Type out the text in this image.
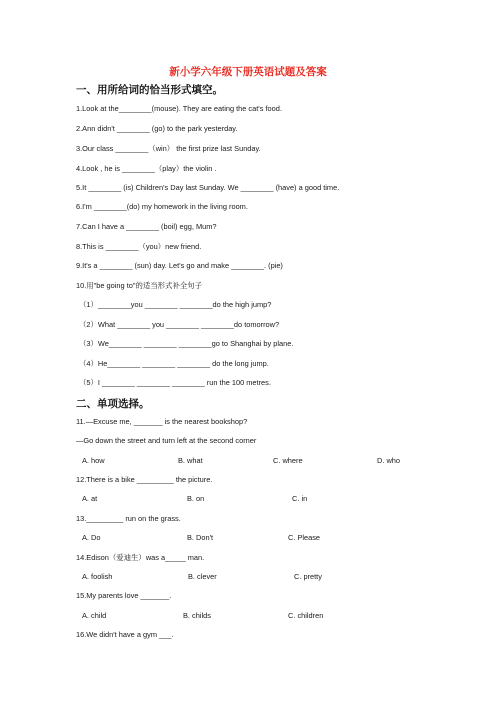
新小学六年级下册英语试题及答案
一、用所给词的恰当形式填空。
1.Look at the________(mouse). They are eating the cat's food.
2.Ann didn't ________ (go) to the park yesterday.
3.Our class ________（win） the first prize last Sunday.
4.Look , he is ________（play）the violin .
5.It ________ (is) Children's Day last Sunday. We ________ (have) a good time.
6.I'm ________(do) my homework in the living room.
7.Can I have a ________ (boil) egg, Mum?
8.This is ________（you）new friend.
9.It's a ________ (sun) day. Let's go and make ________. (pie)
10.用"be going to"的适当形式补全句子
（1）________you ________ ________do the high jump?
（2）What ________ you ________ ________do tomorrow?
（3）We________ ________ ________go to Shanghai by plane.
（4）He________ ________ ________ do the long jump.
（5）I ________ ________ ________ run the 100 metres.
二、单项选择。
11.—Excuse me, _______ is the nearest bookshop?
—Go down the street and turn left at the second corner
A. how	B. what	C. where	D. who
12.There is a bike _________ the picture.
A. at	B. on	C. in
13._________ run on the grass.
A. Do	B. Don't	C. Please
14.Edison（爱迪生）was a_____ man.
A. foolish	B. clever	C. pretty
15.My parents love _______.
A. child	B. childs	C. children
16.We didn't have a gym ___.
